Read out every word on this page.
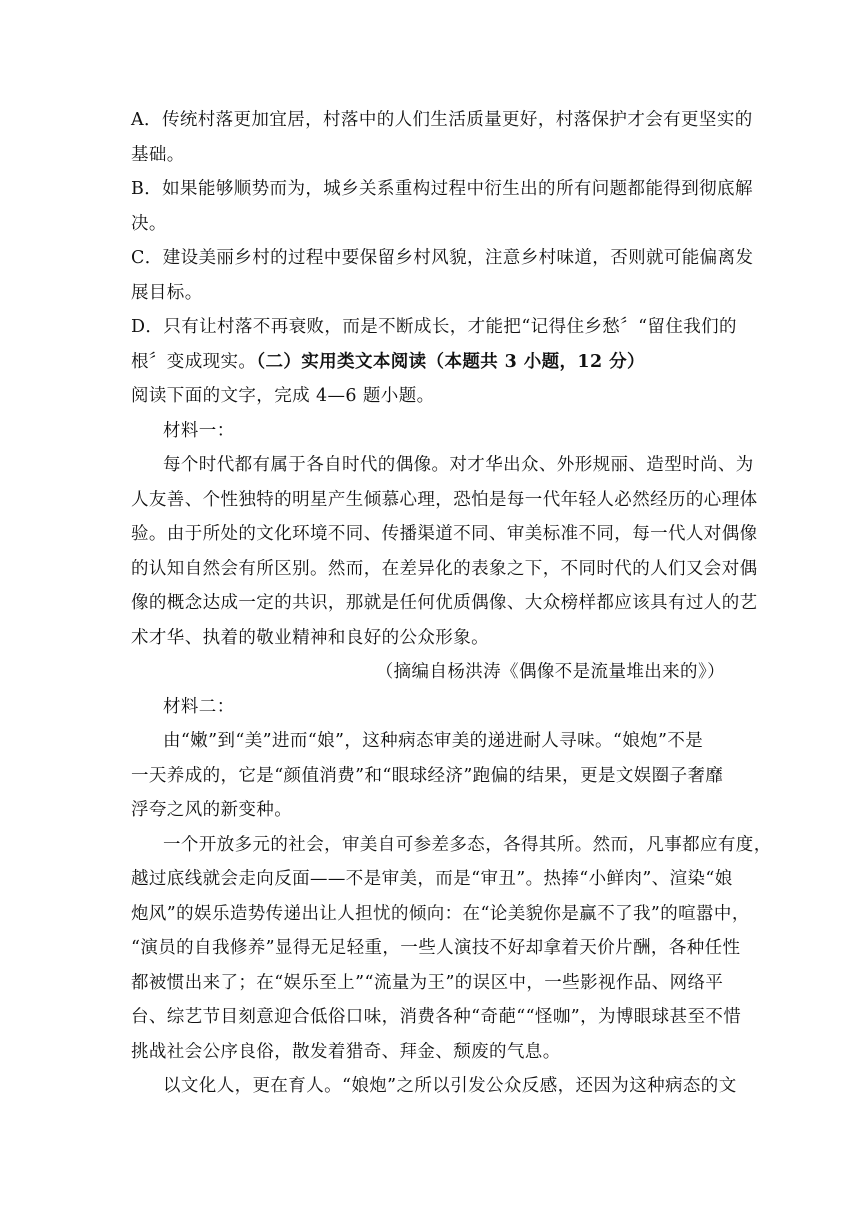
A．传统村落更加宜居，村落中的人们生活质量更好，村落保护才会有更坚实的
基础。
B．如果能够顺势而为，城乡关系重构过程中衍生出的所有问题都能得到彻底解
决。
C．建设美丽乡村的过程中要保留乡村风貌，注意乡村味道，否则就可能偏离发
展目标。
D．只有让村落不再衰败，而是不断成长，才能把“记得住乡愁〞“留住我们的
根〞变成现实。（二）实用类文本阅读（本题共 3 小题，12 分）
阅读下面的文字，完成 4—6 题小题。
材料一：
每个时代都有属于各自时代的偶像。对才华出众、外形规丽、造型时尚、为
人友善、个性独特的明星产生倾慕心理，恐怕是每一代年轻人必然经历的心理体
验。由于所处的文化环境不同、传播渠道不同、审美标准不同，每一代人对偶像
的认知自然会有所区别。然而，在差异化的表象之下，不同时代的人们又会对偶
像的概念达成一定的共识，那就是任何优质偶像、大众榜样都应该具有过人的艺
术才华、执着的敬业精神和良好的公众形象。
（摘编自杨洪涛《偶像不是流量堆出来的》）
材料二：
由“嫩”到“美”进而“娘”，这种病态审美的递进耐人寻味。“娘炮”不是
一天养成的，它是“颜值消费”和“眼球经济”跑偏的结果，更是文娱圈子奢靡
浮夸之风的新变种。
一个开放多元的社会，审美自可参差多态，各得其所。然而，凡事都应有度，
越过底线就会走向反面——不是审美，而是“审丑”。热捧“小鲜肉”、渲染“娘
炮风”的娱乐造势传递出让人担忧的倾向：在“论美貌你是赢不了我”的喧嚣中，
“演员的自我修养”显得无足轻重，一些人演技不好却拿着天价片酬，各种任性
都被惯出来了；在“娱乐至上”“流量为王”的误区中，一些影视作品、网络平
台、综艺节目刻意迎合低俗口味，消费各种“奇葩““怪咖”，为博眼球甚至不惜
挑战社会公序良俗，散发着猎奇、拜金、颓废的气息。
以文化人，更在育人。“娘炮”之所以引发公众反感，还因为这种病态的文
